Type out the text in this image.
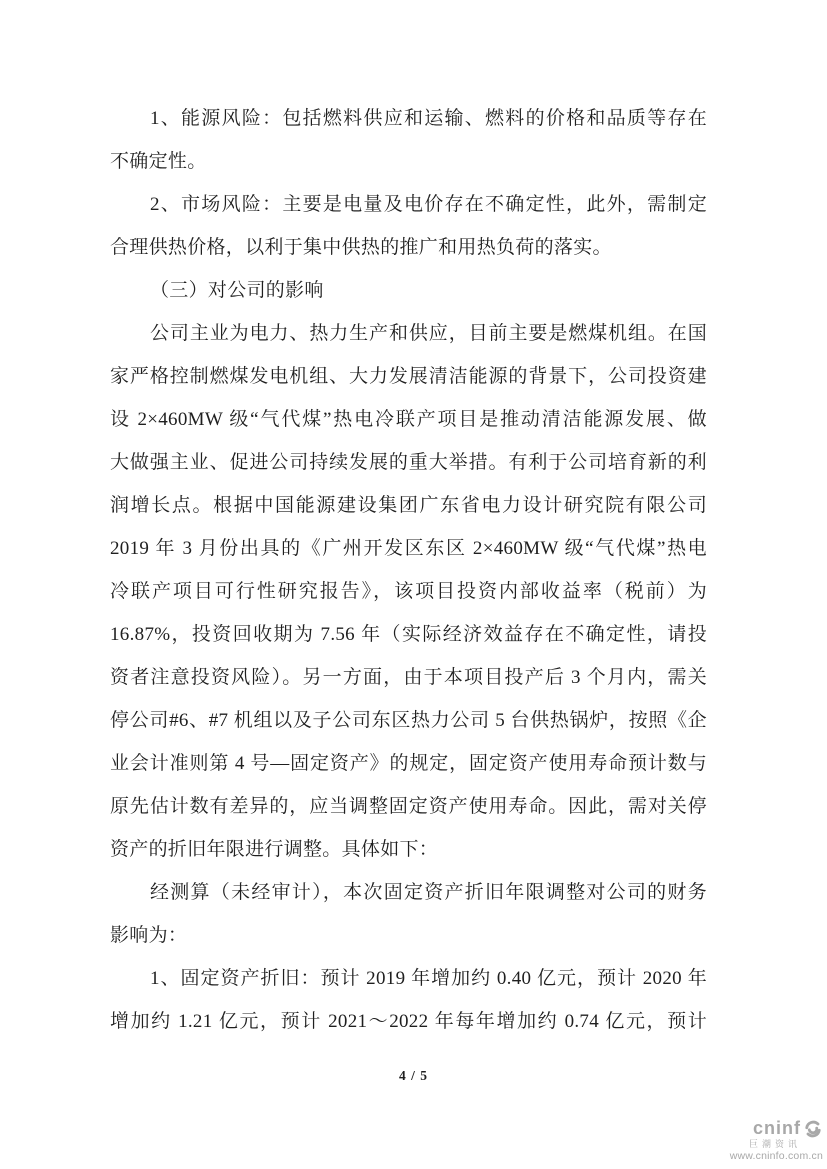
1、能源风险：包括燃料供应和运输、燃料的价格和品质等存在
不确定性。
2、市场风险：主要是电量及电价存在不确定性，此外，需制定
合理供热价格，以利于集中供热的推广和用热负荷的落实。
（三）对公司的影响
公司主业为电力、热力生产和供应，目前主要是燃煤机组。在国
家严格控制燃煤发电机组、大力发展清洁能源的背景下，公司投资建
设 2×460MW 级“气代煤”热电冷联产项目是推动清洁能源发展、做
大做强主业、促进公司持续发展的重大举措。有利于公司培育新的利
润增长点。根据中国能源建设集团广东省电力设计研究院有限公司
2019 年 3 月份出具的《广州开发区东区 2×460MW 级“气代煤”热电
冷联产项目可行性研究报告》，该项目投资内部收益率（税前）为
16.87%，投资回收期为 7.56 年（实际经济效益存在不确定性，请投
资者注意投资风险）。另一方面，由于本项目投产后 3 个月内，需关
停公司#6、#7 机组以及子公司东区热力公司 5 台供热锅炉，按照《企
业会计准则第 4 号—固定资产》的规定，固定资产使用寿命预计数与
原先估计数有差异的，应当调整固定资产使用寿命。因此，需对关停
资产的折旧年限进行调整。具体如下：
经测算（未经审计），本次固定资产折旧年限调整对公司的财务
影响为：
1、固定资产折旧：预计 2019 年增加约 0.40 亿元，预计 2020 年
增加约 1.21 亿元，预计 2021～2022 年每年增加约 0.74 亿元，预计
4 / 5
cninf
巨潮资讯
www.cninfo.com.cn
